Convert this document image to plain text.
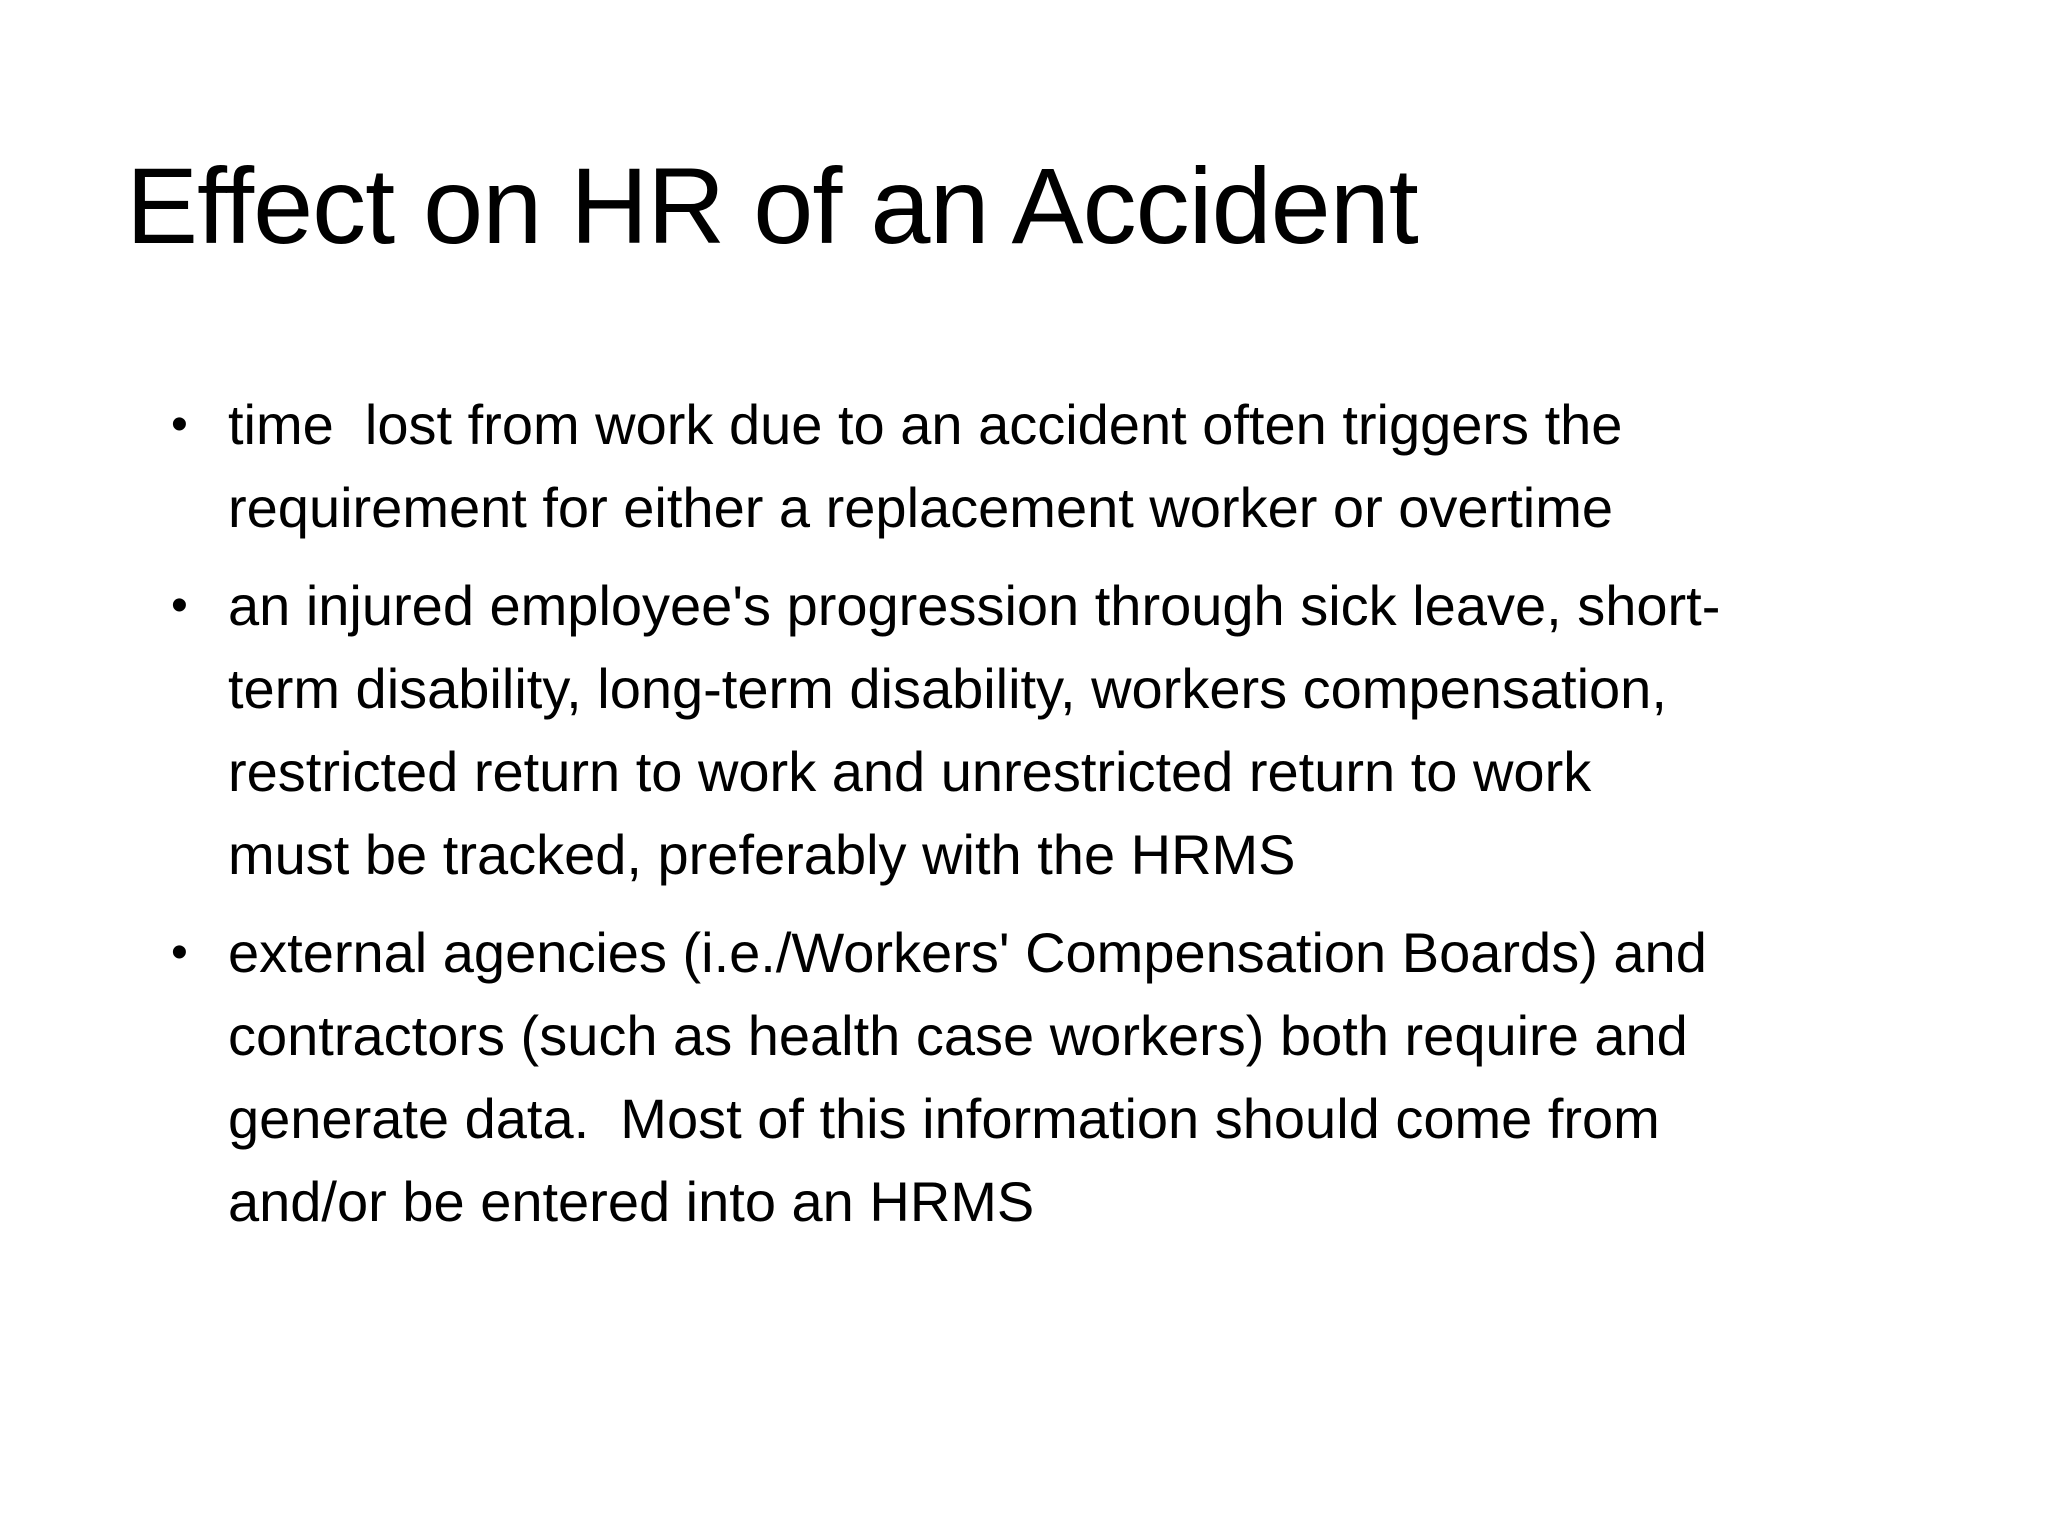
Effect on HR of an Accident
• time  lost from work due to an accident often triggers the
requirement for either a replacement worker or overtime
• an injured employee's progression through sick leave, short-
term disability, long-term disability, workers compensation,
restricted return to work and unrestricted return to work
must be tracked, preferably with the HRMS
• external agencies (i.e./Workers' Compensation Boards) and
contractors (such as health case workers) both require and
generate data.  Most of this information should come from
and/or be entered into an HRMS
